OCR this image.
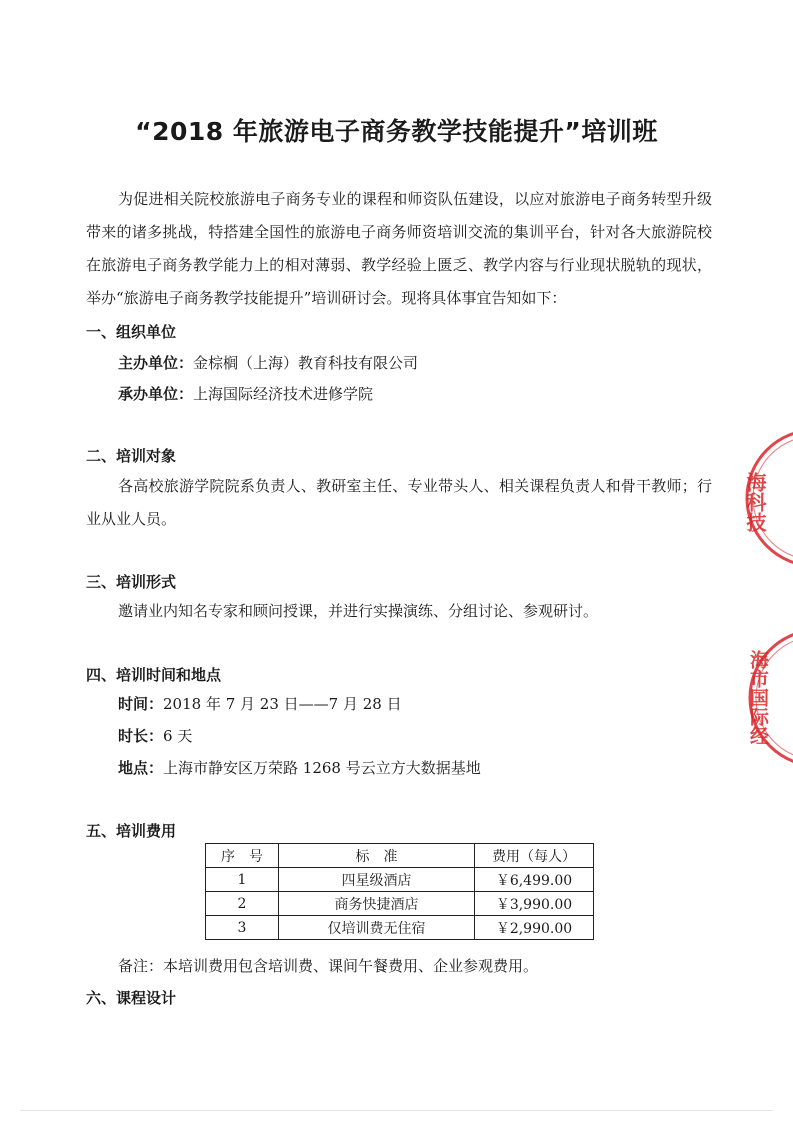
“2018 年旅游电子商务教学技能提升”培训班

为促进相关院校旅游电子商务专业的课程和师资队伍建设，以应对旅游电子商务转型升级带来的诸多挑战，特搭建全国性的旅游电子商务师资培训交流的集训平台，针对各大旅游院校在旅游电子商务教学能力上的相对薄弱、教学经验上匮乏、教学内容与行业现状脱轨的现状，举办“旅游电子商务教学技能提升”培训研讨会。现将具体事宜告知如下：

一、组织单位

主办单位：金棕榈（上海）教育科技有限公司

承办单位：上海国际经济技术进修学院

二、培训对象

各高校旅游学院院系负责人、教研室主任、专业带头人、相关课程负责人和骨干教师；行业从业人员。

三、培训形式

邀请业内知名专家和顾问授课，并进行实操演练、分组讨论、参观研讨。

四、培训时间和地点

时间：2018 年 7 月 23 日——7 月 28 日

时长：6 天

地点：上海市静安区万荣路 1268 号云立方大数据基地

五、培训费用

序　号	标　准	费用（每人）
1	四星级酒店	￥6,499.00
2	商务快捷酒店	￥3,990.00
3	仅培训费无住宿	￥2,990.00

备注：本培训费用包含培训费、课间午餐费用、企业参观费用。

六、课程设计

海科技
海市国际经
